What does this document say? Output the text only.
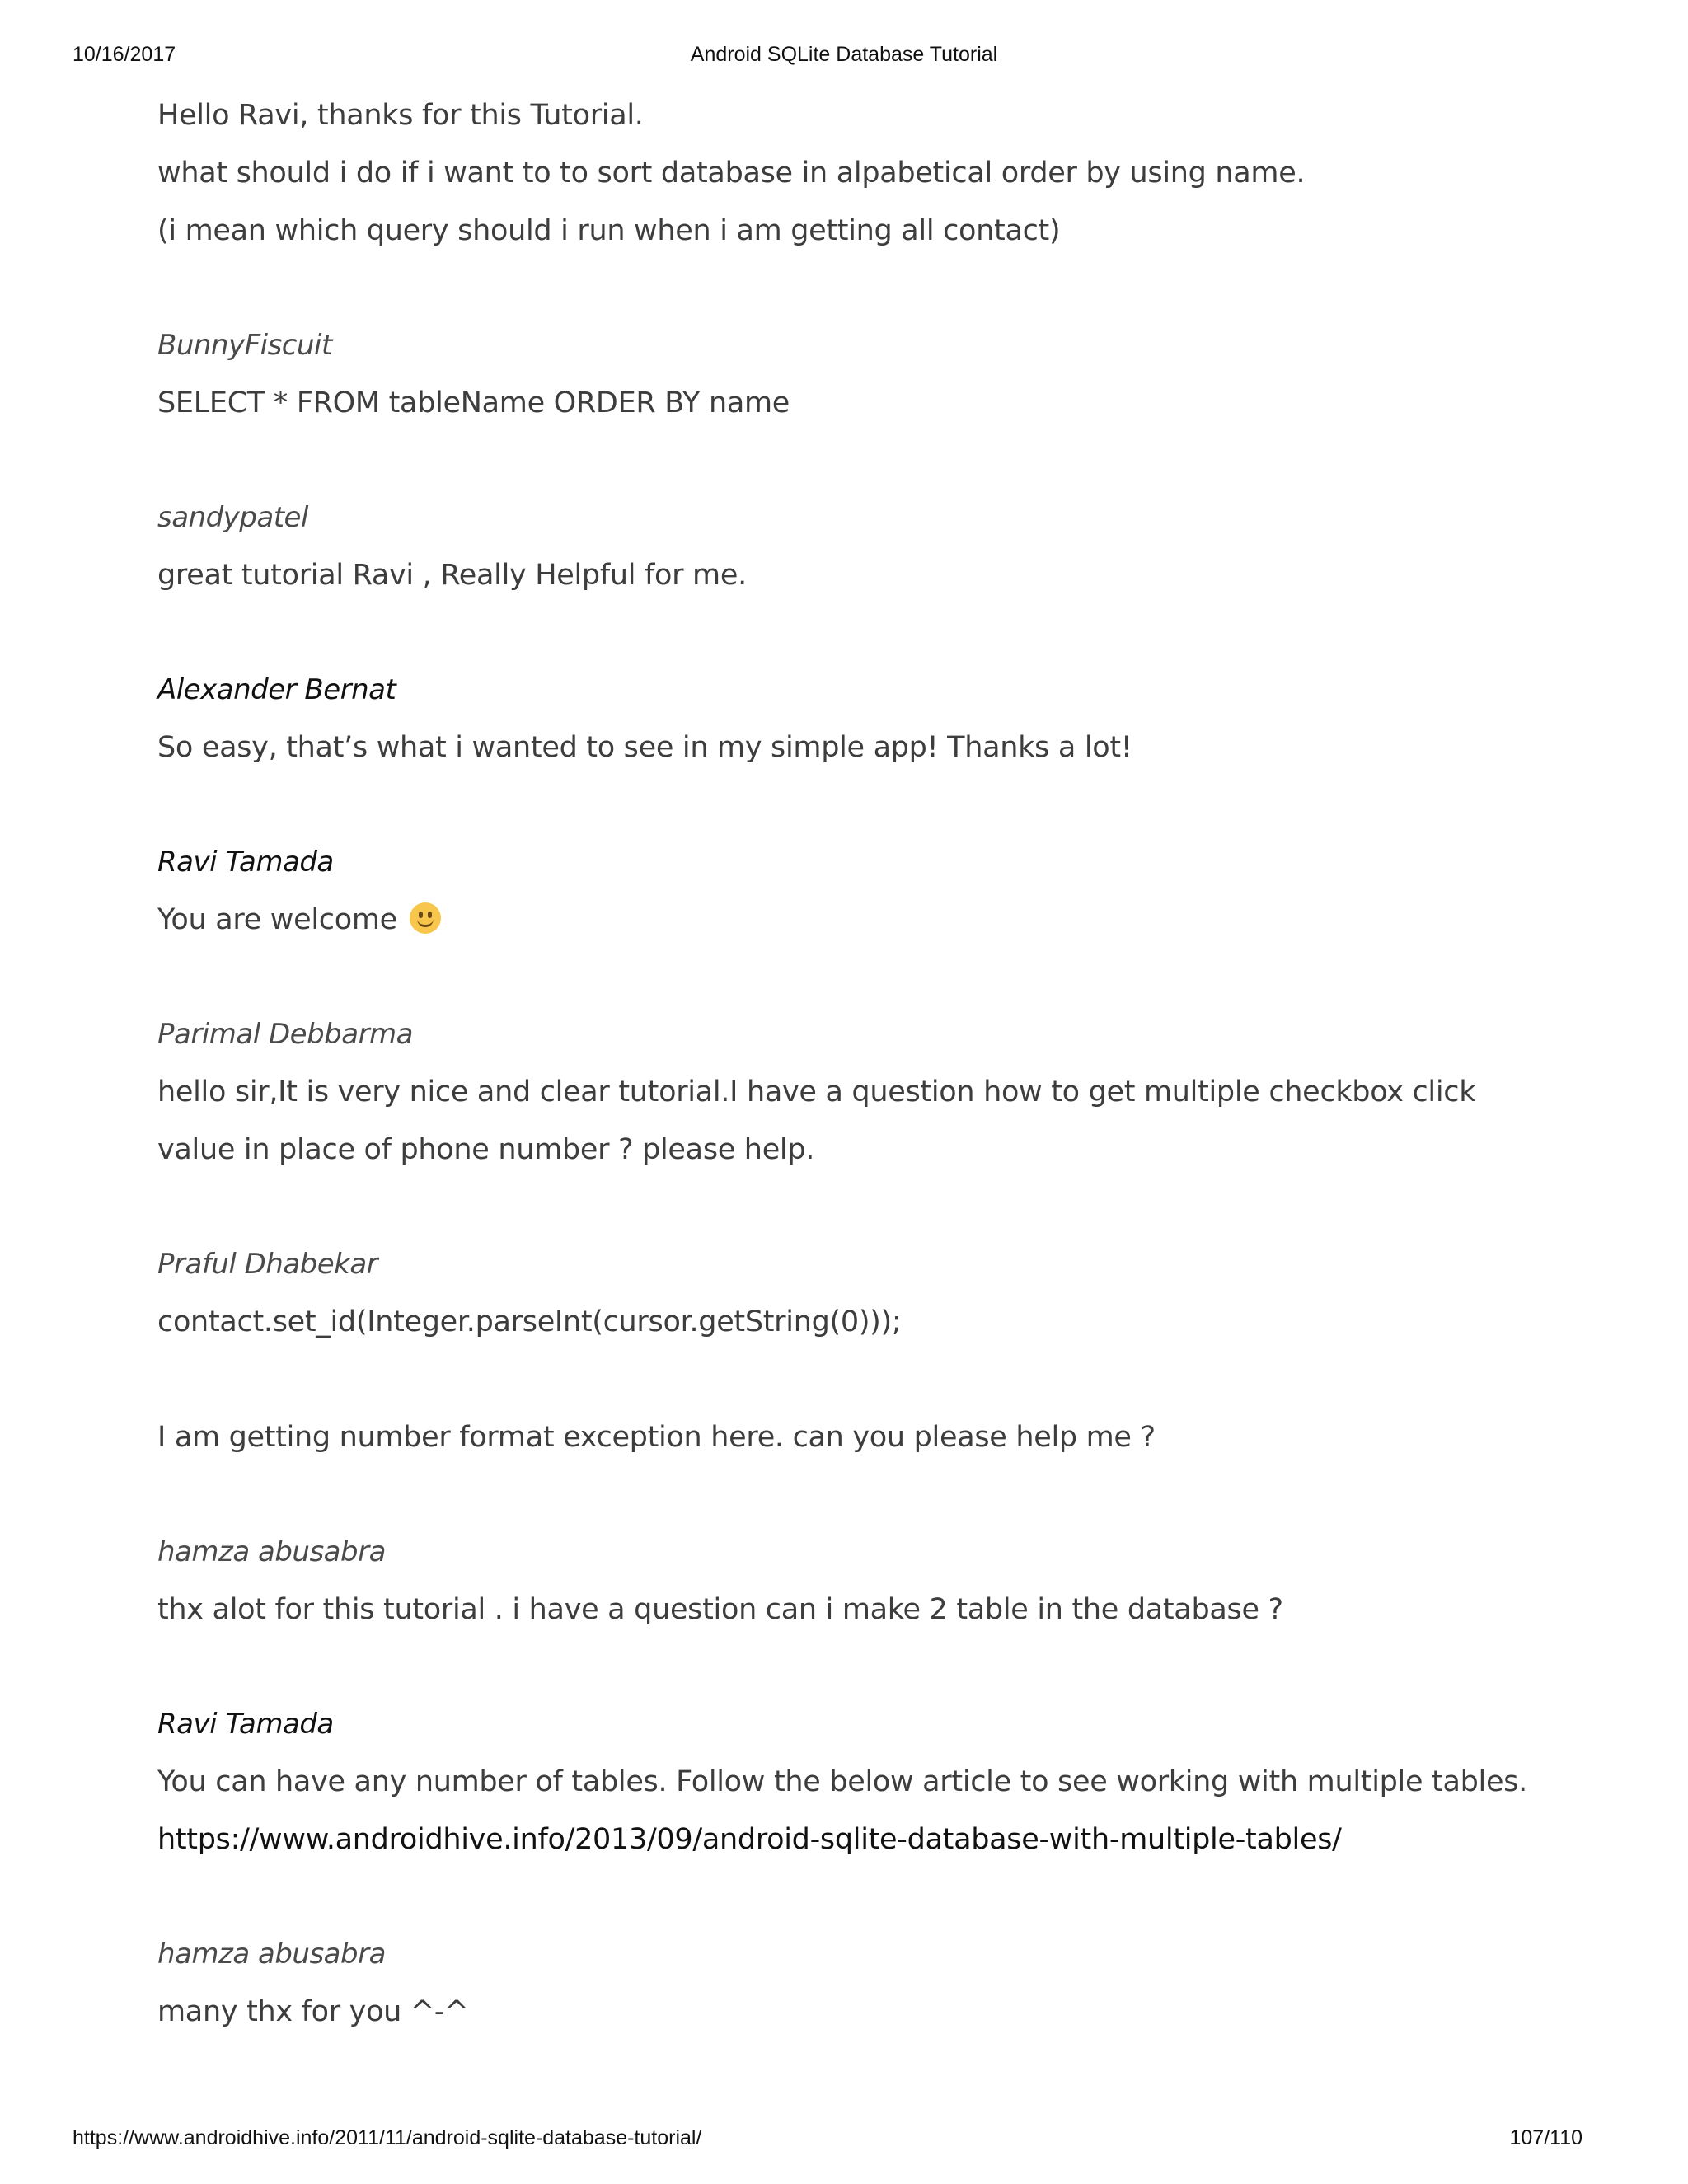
10/16/2017	Android SQLite Database Tutorial
Hello Ravi, thanks for this Tutorial.
what should i do if i want to to sort database in alpabetical order by using name.
(i mean which query should i run when i am getting all contact)
BunnyFiscuit
SELECT * FROM tableName ORDER BY name
sandypatel
great tutorial Ravi , Really Helpful for me.
Alexander Bernat
So easy, that’s what i wanted to see in my simple app! Thanks a lot!
Ravi Tamada
You are welcome
Parimal Debbarma
hello sir,It is very nice and clear tutorial.I have a question how to get multiple checkbox click value in place of phone number ? please help.
Praful Dhabekar
contact.set_id(Integer.parseInt(cursor.getString(0)));
I am getting number format exception here. can you please help me ?
hamza abusabra
thx alot for this tutorial . i have a question can i make 2 table in the database ?
Ravi Tamada
You can have any number of tables. Follow the below article to see working with multiple tables.
https://www.androidhive.info/2013/09/android-sqlite-database-with-multiple-tables/
hamza abusabra
many thx for you ^-^
https://www.androidhive.info/2011/11/android-sqlite-database-tutorial/	107/110
